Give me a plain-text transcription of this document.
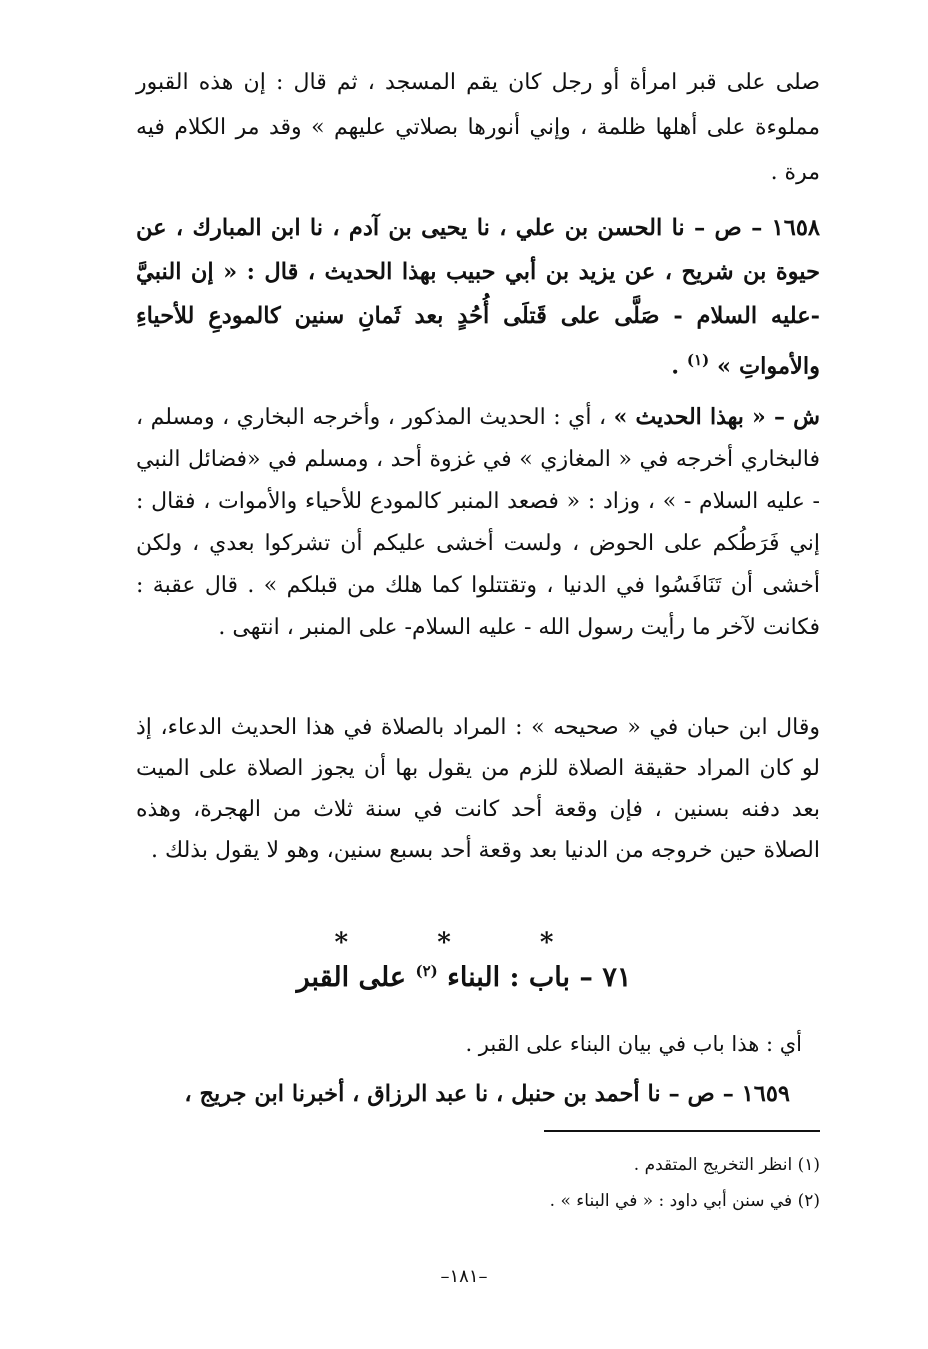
صلى على قبر امرأة أو رجل كان يقم المسجد ، ثم قال : إن هذه القبور مملوءة على أهلها ظلمة ، وإني أنورها بصلاتي عليهم » وقد مر الكلام فيه مرة .

١٦٥٨ – ص – نا الحسن بن علي ، نا يحيى بن آدم ، نا ابن المبارك ، عن حيوة بن شريح ، عن يزيد بن أبي حبيب بهذا الحديث ، قال : « إن النبيَّ -عليه السلام - صَلَّى على قَتلَى أُحُدٍ بعد ثَمانِ سنين كالمودعِ للأحياءِ والأمواتِ » $^{(١)}$ .

ش – « بهذا الحديث » ، أي : الحديث المذكور ، وأخرجه البخاري ، ومسلم ، فالبخاري أخرجه في « المغازي » في غزوة أحد ، ومسلم في «فضائل النبي - عليه السلام - » ، وزاد : « فصعد المنبر كالمودع للأحياء والأموات ، فقال : إني فَرَطُكم على الحوض ، ولست أخشى عليكم أن تشركوا بعدي ، ولكن أخشى أن تَنَافَسُوا في الدنيا ، وتقتتلوا كما هلك من قبلكم » . قال عقبة : فكانت لآخر ما رأيت رسول الله - عليه السلام- على المنبر ، انتهى .

وقال ابن حبان في « صحيحه » : المراد بالصلاة في هذا الحديث الدعاء، إذ لو كان المراد حقيقة الصلاة للزم من يقول بها أن يجوز الصلاة على الميت بعد دفنه بسنين ، فإن وقعة أحد كانت في سنة ثلاث من الهجرة، وهذه الصلاة حين خروجه من الدنيا بعد وقعة أحد بسبع سنين، وهو لا يقول بذلك .

* * *
٧١ – باب : البناء $^{(٢)}$ على القبر

أي : هذا باب في بيان البناء على القبر .

١٦٥٩ – ص – نا أحمد بن حنبل ، نا عبد الرزاق ، أخبرنا ابن جريج ،

(١) انظر التخريج المتقدم .
(٢) في سنن أبي داود : « في البناء » .
–١٨١–
